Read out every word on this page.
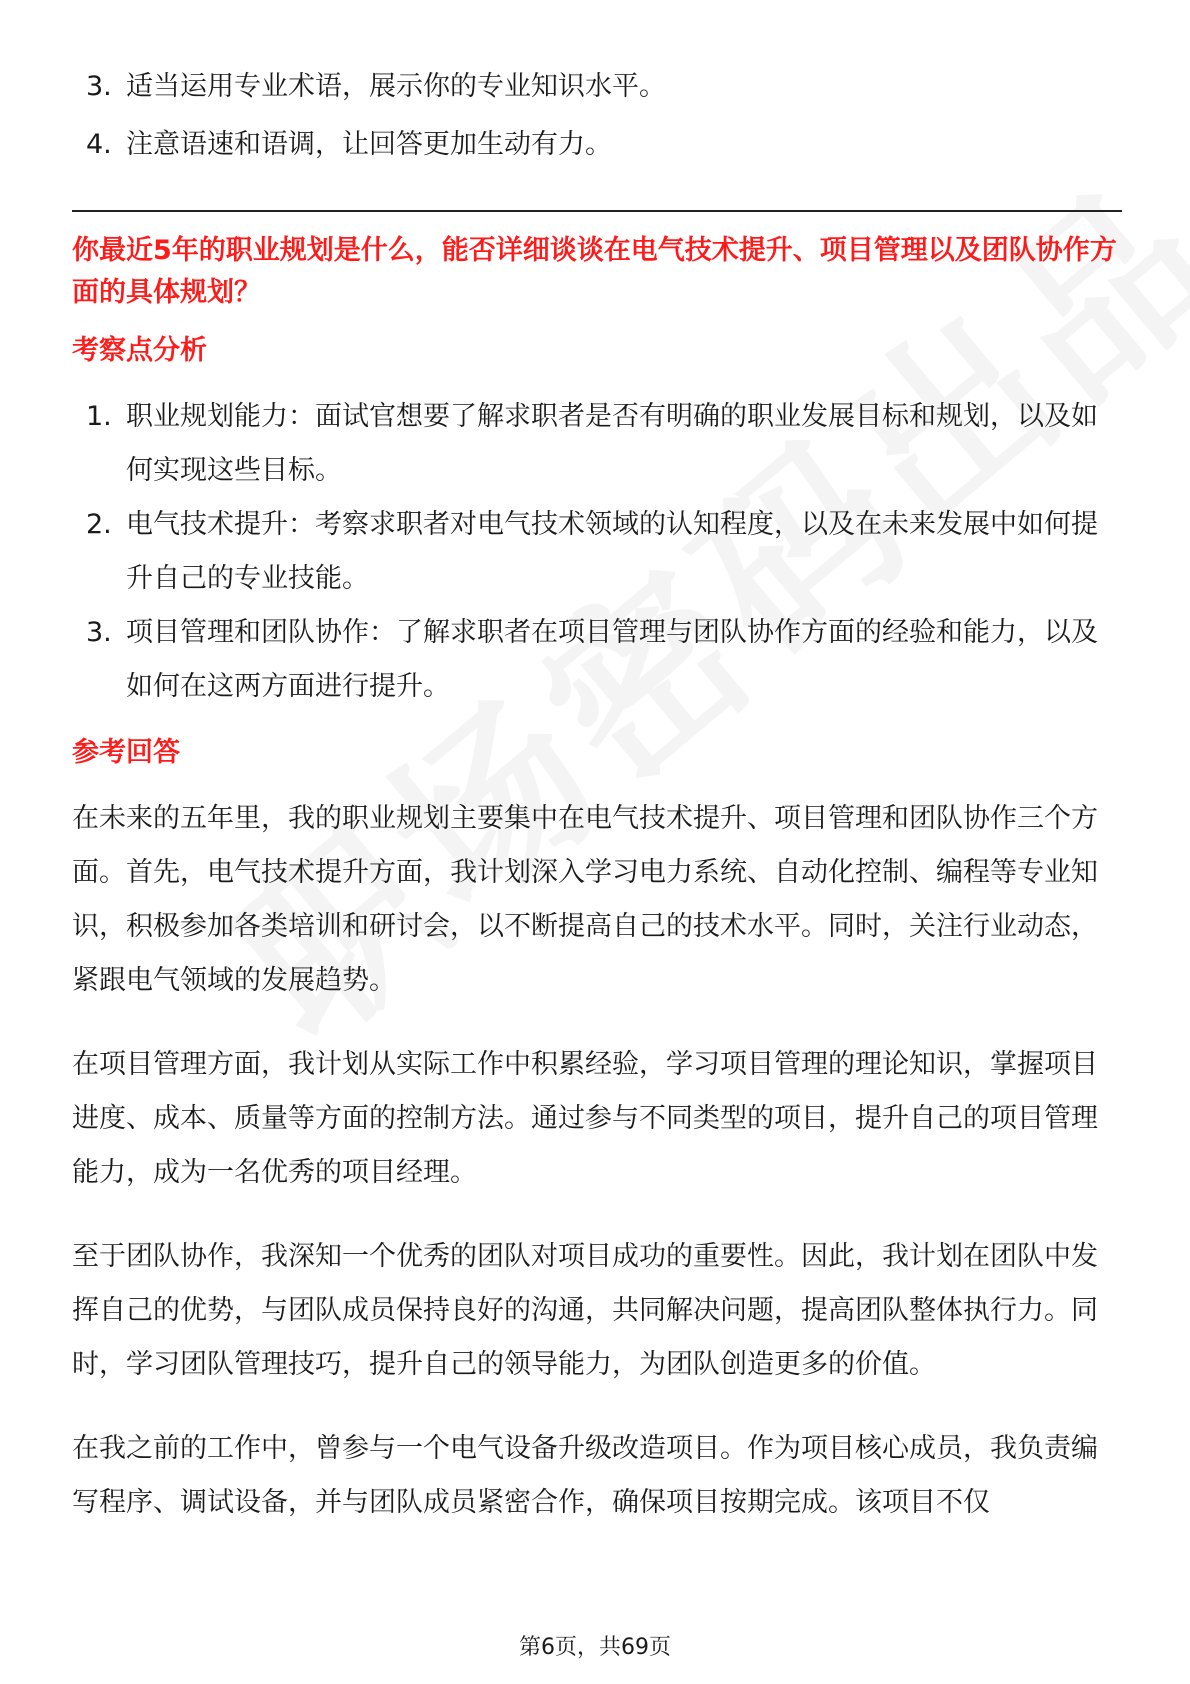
3. 适当运用专业术语，展示你的专业知识水平。
4. 注意语速和语调，让回答更加生动有力。
你最近5年的职业规划是什么，能否详细谈谈在电气技术提升、项目管理以及团队协作方面的具体规划？
考察点分析
1. 职业规划能力：面试官想要了解求职者是否有明确的职业发展目标和规划，以及如何实现这些目标。
2. 电气技术提升：考察求职者对电气技术领域的认知程度，以及在未来发展中如何提升自己的专业技能。
3. 项目管理和团队协作：了解求职者在项目管理与团队协作方面的经验和能力，以及如何在这两方面进行提升。
参考回答

在未来的五年里，我的职业规划主要集中在电气技术提升、项目管理和团队协作三个方面。首先，电气技术提升方面，我计划深入学习电力系统、自动化控制、编程等专业知识，积极参加各类培训和研讨会，以不断提高自己的技术水平。同时，关注行业动态，紧跟电气领域的发展趋势。

在项目管理方面，我计划从实际工作中积累经验，学习项目管理的理论知识，掌握项目进度、成本、质量等方面的控制方法。通过参与不同类型的项目，提升自己的项目管理能力，成为一名优秀的项目经理。

至于团队协作，我深知一个优秀的团队对项目成功的重要性。因此，我计划在团队中发挥自己的优势，与团队成员保持良好的沟通，共同解决问题，提高团队整体执行力。同时，学习团队管理技巧，提升自己的领导能力，为团队创造更多的价值。

在我之前的工作中，曾参与一个电气设备升级改造项目。作为项目核心成员，我负责编写程序、调试设备，并与团队成员紧密合作，确保项目按期完成。该项目不仅

第6页，共69页
